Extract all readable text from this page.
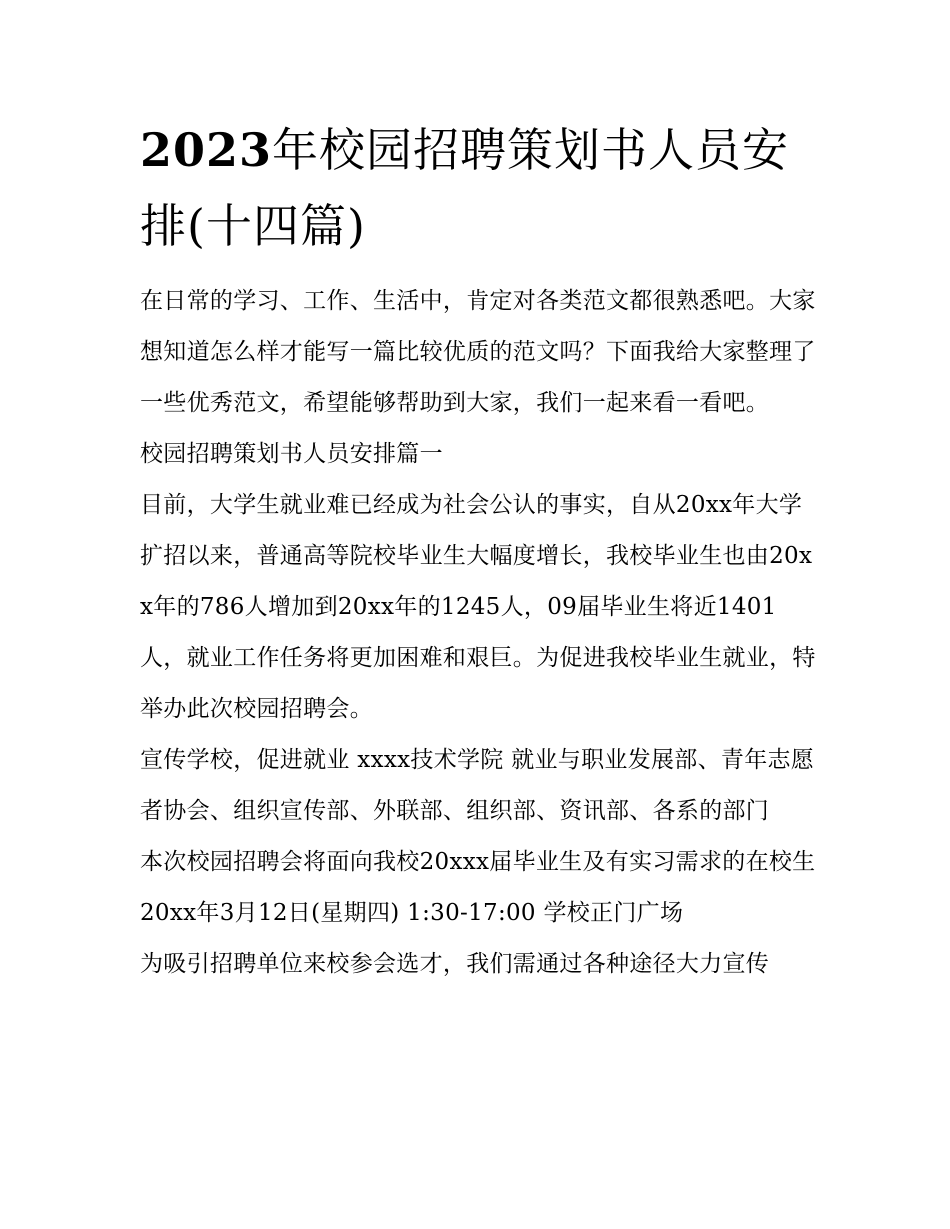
2023年校园招聘策划书人员安排(十四篇)

在日常的学习、工作、生活中，肯定对各类范文都很熟悉吧。大家想知道怎么样才能写一篇比较优质的范文吗？下面我给大家整理了一些优秀范文，希望能够帮助到大家，我们一起来看一看吧。

校园招聘策划书人员安排篇一

目前，大学生就业难已经成为社会公认的事实，自从20xx年大学扩招以来，普通高等院校毕业生大幅度增长，我校毕业生也由20xx年的786人增加到20xx年的1245人，09届毕业生将近1401人，就业工作任务将更加困难和艰巨。为促进我校毕业生就业，特举办此次校园招聘会。

宣传学校，促进就业 xxxx技术学院 就业与职业发展部、青年志愿者协会、组织宣传部、外联部、组织部、资讯部、各系的部门

本次校园招聘会将面向我校20xxx届毕业生及有实习需求的在校生 20xx年3月12日(星期四) 1:30-17:00 学校正门广场

为吸引招聘单位来校参会选才，我们需通过各种途径大力宣传
